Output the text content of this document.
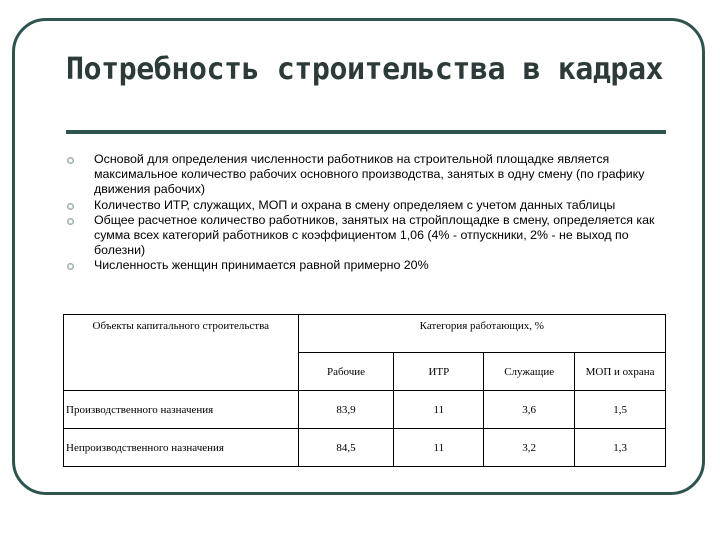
Потребность строительства в кадрах
Основой для определения численности работников на строительной площадке является максимальное количество рабочих основного производства, занятых в одну смену (по графику движения рабочих)
Количество ИТР, служащих, МОП и охрана в смену определяем с учетом данных таблицы
Общее расчетное количество работников, занятых на стройплощадке в смену, определяется как сумма всех категорий работников с коэффициентом 1,06 (4% - отпускники, 2% - не выход по болезни)
Численность женщин принимается равной примерно 20%
Объекты капитального строительства	Категория работающих, %			
	Рабочие	ИТР	Служащие	МОП и охрана
Производственного назначения	83,9	11	3,6	1,5
Непроизводственного назначения	84,5	11	3,2	1,3
